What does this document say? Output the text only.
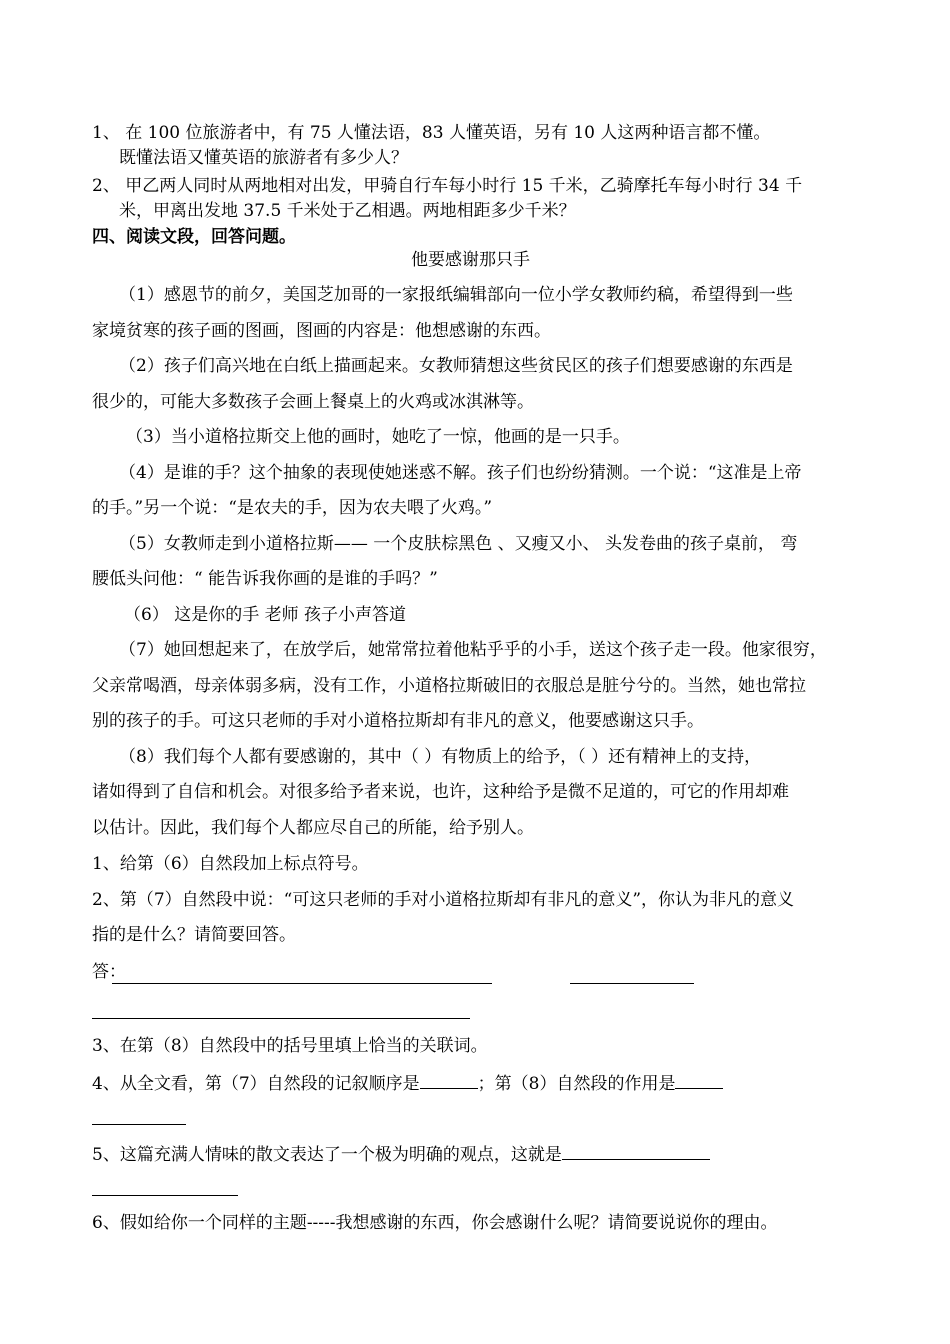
1、 在 100 位旅游者中，有 75 人懂法语，83 人懂英语，另有 10 人这两种语言都不懂。
既懂法语又懂英语的旅游者有多少人？
2、 甲乙两人同时从两地相对出发，甲骑自行车每小时行 15 千米，乙骑摩托车每小时行 34 千
米，甲离出发地 37.5 千米处于乙相遇。两地相距多少千米？
四、阅读文段，回答问题。
他要感谢那只手
（1）感恩节的前夕，美国芝加哥的一家报纸编辑部向一位小学女教师约稿，希望得到一些
家境贫寒的孩子画的图画，图画的内容是：他想感谢的东西。
（2）孩子们高兴地在白纸上描画起来。女教师猜想这些贫民区的孩子们想要感谢的东西是
很少的，可能大多数孩子会画上餐桌上的火鸡或冰淇淋等。
（3）当小道格拉斯交上他的画时，她吃了一惊，他画的是一只手。
（4）是谁的手？这个抽象的表现使她迷惑不解。孩子们也纷纷猜测。一个说：“这准是上帝
的手。”另一个说：“是农夫的手，因为农夫喂了火鸡。”
（5）女教师走到小道格拉斯—— 一个皮肤棕黑色 、又瘦又小、 头发卷曲的孩子桌前， 弯
腰低头问他：“ 能告诉我你画的是谁的手吗？”
（6） 这是你的手 老师 孩子小声答道
（7）她回想起来了，在放学后，她常常拉着他粘乎乎的小手，送这个孩子走一段。他家很穷，
父亲常喝酒，母亲体弱多病，没有工作，小道格拉斯破旧的衣服总是脏兮兮的。当然，她也常拉
别的孩子的手。可这只老师的手对小道格拉斯却有非凡的意义，他要感谢这只手。
（8）我们每个人都有要感谢的，其中（ ）有物质上的给予，（ ）还有精神上的支持，
诸如得到了自信和机会。对很多给予者来说，也许，这种给予是微不足道的，可它的作用却难
以估计。因此，我们每个人都应尽自己的所能，给予别人。
1、给第（6）自然段加上标点符号。
2、第（7）自然段中说：“可这只老师的手对小道格拉斯却有非凡的意义”，你认为非凡的意义
指的是什么？请简要回答。
答：
3、在第（8）自然段中的括号里填上恰当的关联词。
4、从全文看，第（7）自然段的记叙顺序是	；第（8）自然段的作用是
5、这篇充满人情味的散文表达了一个极为明确的观点，这就是
6、假如给你一个同样的主题-----我想感谢的东西，你会感谢什么呢？请简要说说你的理由。
